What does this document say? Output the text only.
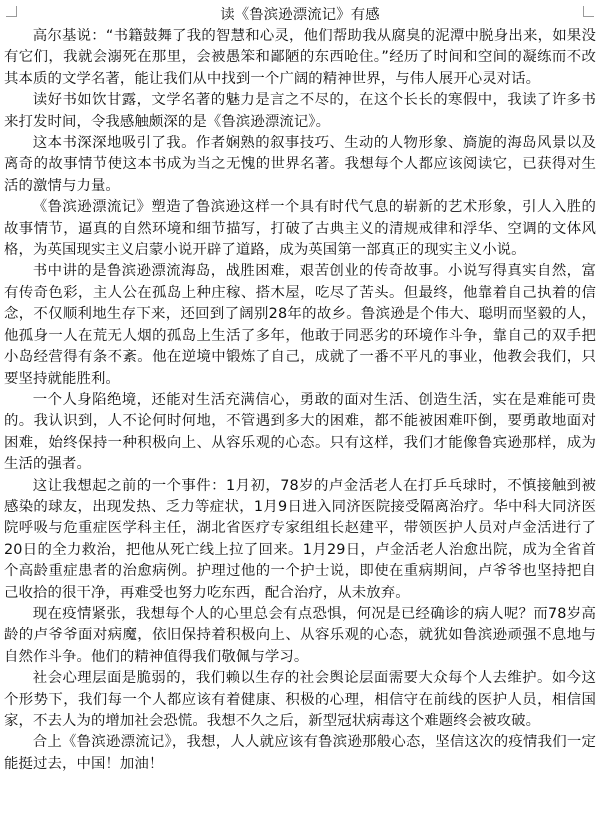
读《鲁滨逊漂流记》有感

高尔基说：“书籍鼓舞了我的智慧和心灵，他们帮助我从腐臭的泥潭中脱身出来，如果没有它们，我就会溺死在那里，会被愚笨和鄙陋的东西呛住。”经历了时间和空间的凝练而不改其本质的文学名著，能让我们从中找到一个广阔的精神世界，与伟人展开心灵对话。

读好书如饮甘露，文学名著的魅力是言之不尽的，在这个长长的寒假中，我读了许多书来打发时间，令我感触颇深的是《鲁滨逊漂流记》。

这本书深深地吸引了我。作者娴熟的叙事技巧、生动的人物形象、旖旎的海岛风景以及离奇的故事情节使这本书成为当之无愧的世界名著。我想每个人都应该阅读它，已获得对生活的激情与力量。

《鲁滨逊漂流记》塑造了鲁滨逊这样一个具有时代气息的崭新的艺术形象，引人入胜的故事情节，逼真的自然环境和细节描写，打破了古典主义的清规戒律和浮华、空调的文体风格，为英国现实主义启蒙小说开辟了道路，成为英国第一部真正的现实主义小说。

书中讲的是鲁滨逊漂流海岛，战胜困难，艰苦创业的传奇故事。小说写得真实自然，富有传奇色彩，主人公在孤岛上种庄稼、搭木屋，吃尽了苦头。但最终，他靠着自己执着的信念，不仅顺利地生存下来，还回到了阔别28年的故乡。鲁滨逊是个伟大、聪明而坚毅的人，他孤身一人在荒无人烟的孤岛上生活了多年，他敢于同恶劣的环境作斗争，靠自己的双手把小岛经营得有条不紊。他在逆境中锻炼了自己，成就了一番不平凡的事业，他教会我们，只要坚持就能胜利。

一个人身陷绝境，还能对生活充满信心，勇敢的面对生活、创造生活，实在是难能可贵的。我认识到，人不论何时何地，不管遇到多大的困难，都不能被困难吓倒，要勇敢地面对困难，始终保持一种积极向上、从容乐观的心态。只有这样，我们才能像鲁宾逊那样，成为生活的强者。

这让我想起之前的一个事件：1月初，78岁的卢金活老人在打乒乓球时，不慎接触到被感染的球友，出现发热、乏力等症状，1月9日进入同济医院接受隔离治疗。华中科大同济医院呼吸与危重症医学科主任，湖北省医疗专家组组长赵建平，带领医护人员对卢金活进行了20日的全力救治，把他从死亡线上拉了回来。1月29日，卢金活老人治愈出院，成为全省首个高龄重症患者的治愈病例。护理过他的一个护士说，即使在重病期间，卢爷爷也坚持把自己收拾的很干净，再难受也努力吃东西，配合治疗，从未放弃。

现在疫情紧张，我想每个人的心里总会有点恐惧，何况是已经确诊的病人呢？而78岁高龄的卢爷爷面对病魔，依旧保持着积极向上、从容乐观的心态，就犹如鲁滨逊顽强不息地与自然作斗争。他们的精神值得我们敬佩与学习。

社会心理层面是脆弱的，我们赖以生存的社会舆论层面需要大众每个人去维护。如今这个形势下，我们每一个人都应该有着健康、积极的心理，相信守在前线的医护人员，相信国家，不去人为的增加社会恐慌。我想不久之后，新型冠状病毒这个难题终会被攻破。

合上《鲁滨逊漂流记》，我想，人人就应该有鲁滨逊那般心态，坚信这次的疫情我们一定能挺过去，中国！加油！
